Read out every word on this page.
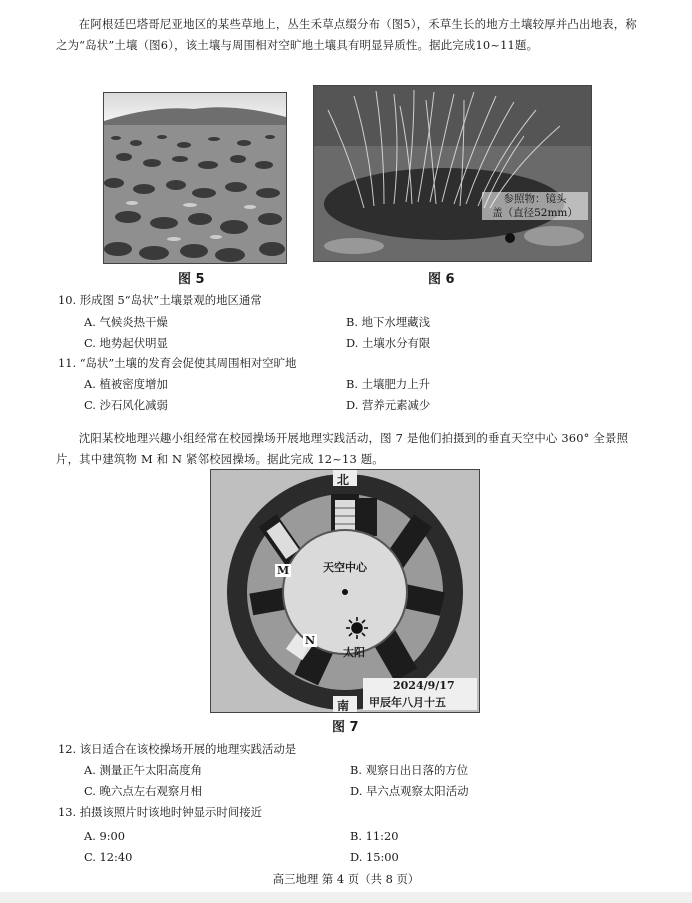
在阿根廷巴塔哥尼亚地区的某些草地上，丛生禾草点缀分布（图5），禾草生长的地方土壤较厚并凸出地表，称之为“岛状”土壤（图6），该土壤与周围相对空旷地土壤具有明显异质性。据此完成10~11题。
图 5
参照物：镜头
盖（直径52mm）
图 6
10. 形成图 5“岛状”土壤景观的地区通常
A. 气候炎热干燥	B. 地下水埋藏浅
C. 地势起伏明显	D. 土壤水分有限
11. “岛状”土壤的发育会促使其周围相对空旷地
A. 植被密度增加	B. 土壤肥力上升
C. 沙石风化减弱	D. 营养元素减少
沈阳某校地理兴趣小组经常在校园操场开展地理实践活动，图 7 是他们拍摄到的垂直天空中心 360° 全景照片，其中建筑物 M 和 N 紧邻校园操场。据此完成 12~13 题。
北
南
天空中心
太阳
M
N
2024/9/17
甲辰年八月十五
图 7
12. 该日适合在该校操场开展的地理实践活动是
A. 测量正午太阳高度角	B. 观察日出日落的方位
C. 晚六点左右观察月相	D. 早六点观察太阳活动
13. 拍摄该照片时该地时钟显示时间接近
A. 9:00	B. 11:20
C. 12:40	D. 15:00
高三地理 第 4 页（共 8 页）
